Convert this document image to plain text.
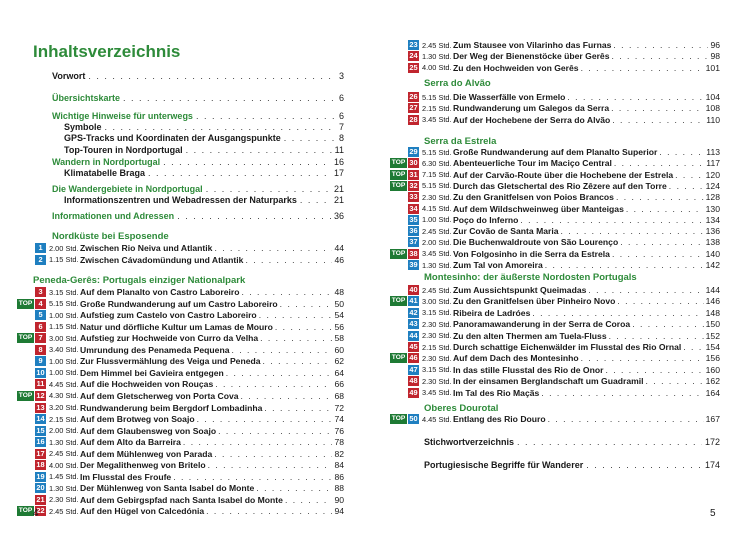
Inhaltsverzeichnis
Vorwort . . .	3
Übersichtskarte . . .	6
Wichtige Hinweise für unterwegs . . .	6
Symbole . . .	7
GPS-Tracks und Koordinaten der Ausgangspunkte . . .	8
Top-Touren in Nordportugal . . .	11
Wandern in Nordportugal . . .	16
Klimatabelle Braga . . .	17
Die Wandergebiete in Nordportugal . . .	21
Informationszentren und Webadressen der Naturparks . . .	21
Informationen und Adressen . . .	36
Nordküste bei Esposende
1 2.00 Std. Zwischen Rio Neiva und Atlantik . . .	44
2 1.15 Std. Zwischen Cávadomündung und Atlantik . . .	46
Peneda-Gerês: Portugals einziger Nationalpark
3 3.15 Std. Auf dem Planalto von Castro Laboreiro . . .	48
TOP 4 5.15 Std. Große Rundwanderung auf um Castro Laboreiro . . .	50
5 1.00 Std. Aufstieg zum Castelo von Castro Laboreiro . . .	54
6 1.15 Std. Natur und dörfliche Kultur um Lamas de Mouro . . .	56
TOP 7 3.00 Std. Aufstieg zur Hochweide von Curro da Velha . . .	58
8 3.40 Std. Umrundung des Penameda Pequena . . .	60
9 1.00 Std. Zur Flussvermählung des Veiga und Peneda . . .	62
10 1.00 Std. Dem Himmel bei Gavieira entgegen . . .	64
11 4.45 Std. Auf die Hochweiden von Rouças . . .	66
TOP 12 4.30 Std. Auf dem Gletscherweg von Porta Cova . . .	68
13 3.20 Std. Rundwanderung beim Bergdorf Lombadinha . . .	72
14 2.15 Std. Auf dem Brotweg von Soajo . . .	74
15 2.00 Std. Auf dem Glaubensweg von Soajo . . .	76
16 1.30 Std. Auf dem Alto da Barreira . . .	78
17 2.45 Std. Auf dem Mühlenweg von Parada . . .	82
18 4.00 Std. Der Megalithenweg von Britelo . . .	84
19 1.45 Std. Im Flusstal des Froufe . . .	86
20 1.30 Std. Der Mühlenweg von Santa Isabel do Monte . . .	88
21 2.30 Std. Auf dem Gebirgspfad nach Santa Isabel do Monte . . .	90
TOP 22 2.45 Std. Auf den Hügel von Calcedónia . . .	94
4
23 2.45 Std. Zum Stausee von Vilarinho das Furnas . . .	96
24 1.30 Std. Der Weg der Bienenstöcke über Gerês . . .	98
25 4.00 Std. Zu den Hochweiden von Gerês . . .	101
Serra do Alvão
26 5.15 Std. Die Wasserfälle von Ermelo . . .	104
27 2.15 Std. Rundwanderung um Galegos da Serra . . .	108
28 3.45 Std. Auf der Hochebene der Serra do Alvão . . .	110
Serra da Estrela
29 5.15 Std. Große Rundwanderung auf dem Planalto Superior . . .	113
TOP 30 6.30 Std. Abenteuerliche Tour im Maciço Central . . .	117
TOP 31 7.15 Std. Auf der Carvão-Route über die Hochebene der Estrela . . .	120
TOP 32 5.15 Std. Durch das Gletschertal des Rio Zêzere auf den Torre . . .	124
33 2.30 Std. Zu den Granitfelsen von Poios Brancos . . .	128
34 4.15 Std. Auf dem Wildschweinweg über Manteigas . . .	130
35 1.00 Std. Poço do Inferno . . .	134
36 2.45 Std. Zur Covão de Santa Maria . . .	136
37 2.00 Std. Die Buchenwaldroute von São Lourenço . . .	138
TOP 38 3.45 Std. Von Folgosinho in die Serra da Estrela . . .	140
39 1.30 Std. Zum Tal von Amoreira . . .	142
Montesinho: der äußerste Nordosten Portugals
40 2.45 Std. Zum Aussichtspunkt Queimadas . . .	144
TOP 41 3.00 Std. Zu den Granitfelsen über Pinheiro Novo . . .	146
42 3.15 Std. Ribeira de Ladróes . . .	148
43 2.30 Std. Panoramawanderung in der Serra de Coroa . . .	150
44 2.30 Std. Zu den alten Thermen am Tuela-Fluss . . .	152
45 2.15 Std. Durch schattige Eichenwälder im Flusstal des Rio Ornal . . .	154
TOP 46 2.30 Std. Auf dem Dach des Montesinho . . .	156
47 3.15 Std. In das stille Flusstal des Rio de Onor . . .	160
48 2.30 Std. In der einsamen Berglandschaft um Guadramil . . .	162
49 3.45 Std. Im Tal des Rio Maçãs . . .	164
Oberes Dourotal
TOP 50 4.45 Std. Entlang des Rio Douro . . .	167
Stichwortverzeichnis . . .	172
Portugiesische Begriffe für Wanderer . . .	174
5
